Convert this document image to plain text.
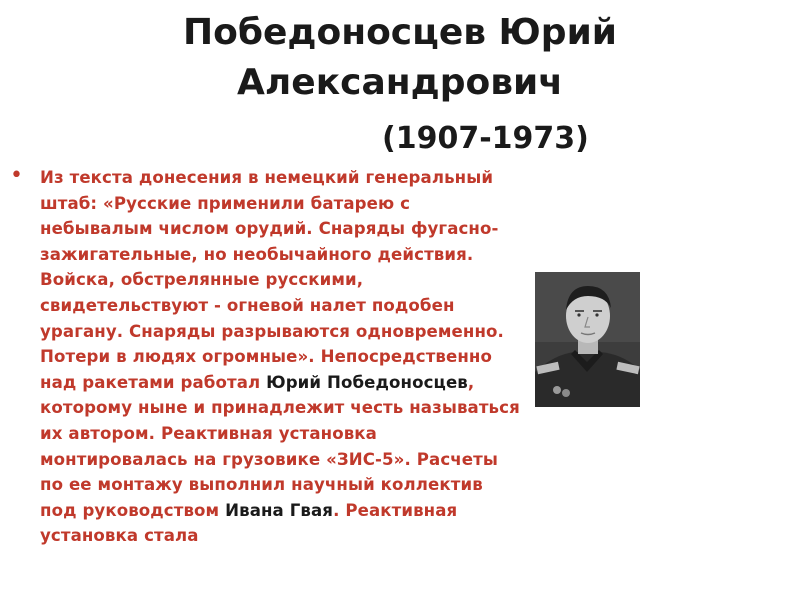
Победоносцев Юрий
Александрович
(1907-1973)
• Из текста донесения в немецкий генеральный штаб: «Русские применили батарею с небывалым числом орудий. Снаряды фугасно-зажигательные, но необычайного действия. Войска, обстрелянные русскими, свидетельствуют - огневой налет подобен урагану. Снаряды разрываются одновременно. Потери в людях огромные». Непосредственно над ракетами работал Юрий Победоносцев, которому ныне и принадлежит честь называться их автором. Реактивная установка монтировалась на грузовике «ЗИС-5». Расчеты по ее монтажу выполнил научный коллектив под руководством Ивана Гвая. Реактивная установка стала
